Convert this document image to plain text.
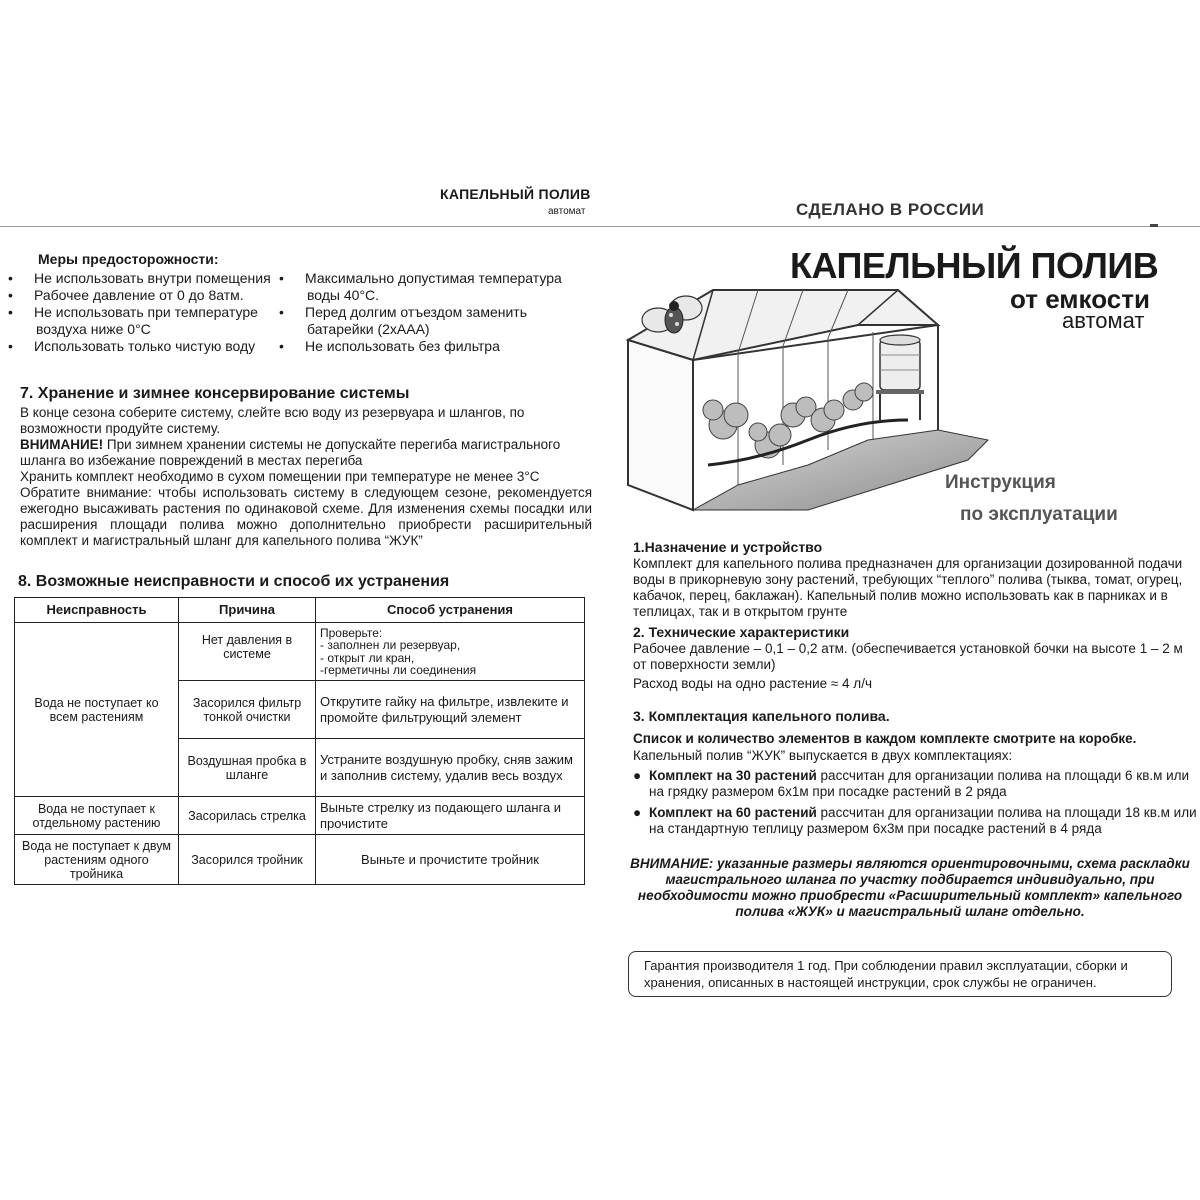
КАПЕЛЬНЫЙ ПОЛИВ
автомат	СДЕЛАНО В РОССИИ
Меры предосторожности:
• Не использовать внутри помещения
• Рабочее давление от 0 до 8атм.
• Не использовать при температуре воздуха ниже 0°С
• Использовать только чистую воду
• Максимально допустимая температура воды 40°С.
• Перед долгим отъездом заменить батарейки (2хААА)
• Не использовать без фильтра
7. Хранение и зимнее консервирование системы

В конце сезона соберите систему, слейте всю воду из резервуара и шлангов, по возможности продуйте систему.

ВНИМАНИЕ! При зимнем хранении системы не допускайте перегиба магистрального шланга во избежание повреждений в местах перегиба

Хранить комплект необходимо в сухом помещении при температуре не менее 3°С

Обратите внимание: чтобы использовать систему в следующем сезоне, рекомендуется ежегодно высаживать растения по одинаковой схеме. Для изменения схемы посадки или расширения площади полива можно дополнительно приобрести расширительный комплект и магистральный шланг для капельного полива “ЖУК”

8. Возможные неисправности и способ их устранения
Неисправность	Причина	Способ устранения
Вода не поступает ко всем растениям	Нет давления в системе	Проверьте:
- заполнен ли резервуар,
- открыт ли кран,
-герметичны ли соединения
	Засорился фильтр тонкой очистки	Открутите гайку на фильтре, извлеките и промойте фильтрующий элемент
	Воздушная пробка в шланге	Устраните воздушную пробку, сняв зажим и заполнив систему, удалив весь воздух
Вода не поступает к отдельному растению	Засорилась стрелка	Выньте стрелку из подающего шланга и прочистите
Вода не поступает к двум растениям одного тройника	Засорился тройник	Выньте и прочистите тройник
КАПЕЛЬНЫЙ ПОЛИВ
от емкости
автомат
Инструкция
по эксплуатации
1.Назначение и устройство
Комплект для капельного полива предназначен для организации дозированной подачи воды в прикорневую зону растений, требующих “теплого” полива (тыква, томат, огурец, кабачок, перец, баклажан). Капельный полив можно использовать как в парниках и в теплицах, так и в открытом грунте
2. Технические характеристики
Рабочее давление – 0,1 – 0,2 атм. (обеспечивается установкой бочки на высоте 1 – 2 м от поверхности земли)
Расход воды на одно растение ≈ 4 л/ч
3. Комплектация капельного полива.
Список и количество элементов в каждом комплекте смотрите на коробке.
Капельный полив “ЖУК” выпускается в двух комплектациях:
● Комплект на 30 растений рассчитан для организации полива на площади 6 кв.м или на грядку размером 6х1м при посадке растений в 2 ряда
● Комплект на 60 растений рассчитан для организации полива на площади 18 кв.м или на стандартную теплицу размером 6х3м при посадке растений в 4 ряда
ВНИМАНИЕ: указанные размеры являются ориентировочными, схема раскладки магистрального шланга по участку подбирается индивидуально, при необходимости можно приобрести «Расширительный комплект» капельного полива «ЖУК» и магистральный шланг отдельно.
Гарантия производителя 1 год. При соблюдении правил эксплуатации, сборки и хранения, описанных в настоящей инструкции, срок службы не ограничен.
